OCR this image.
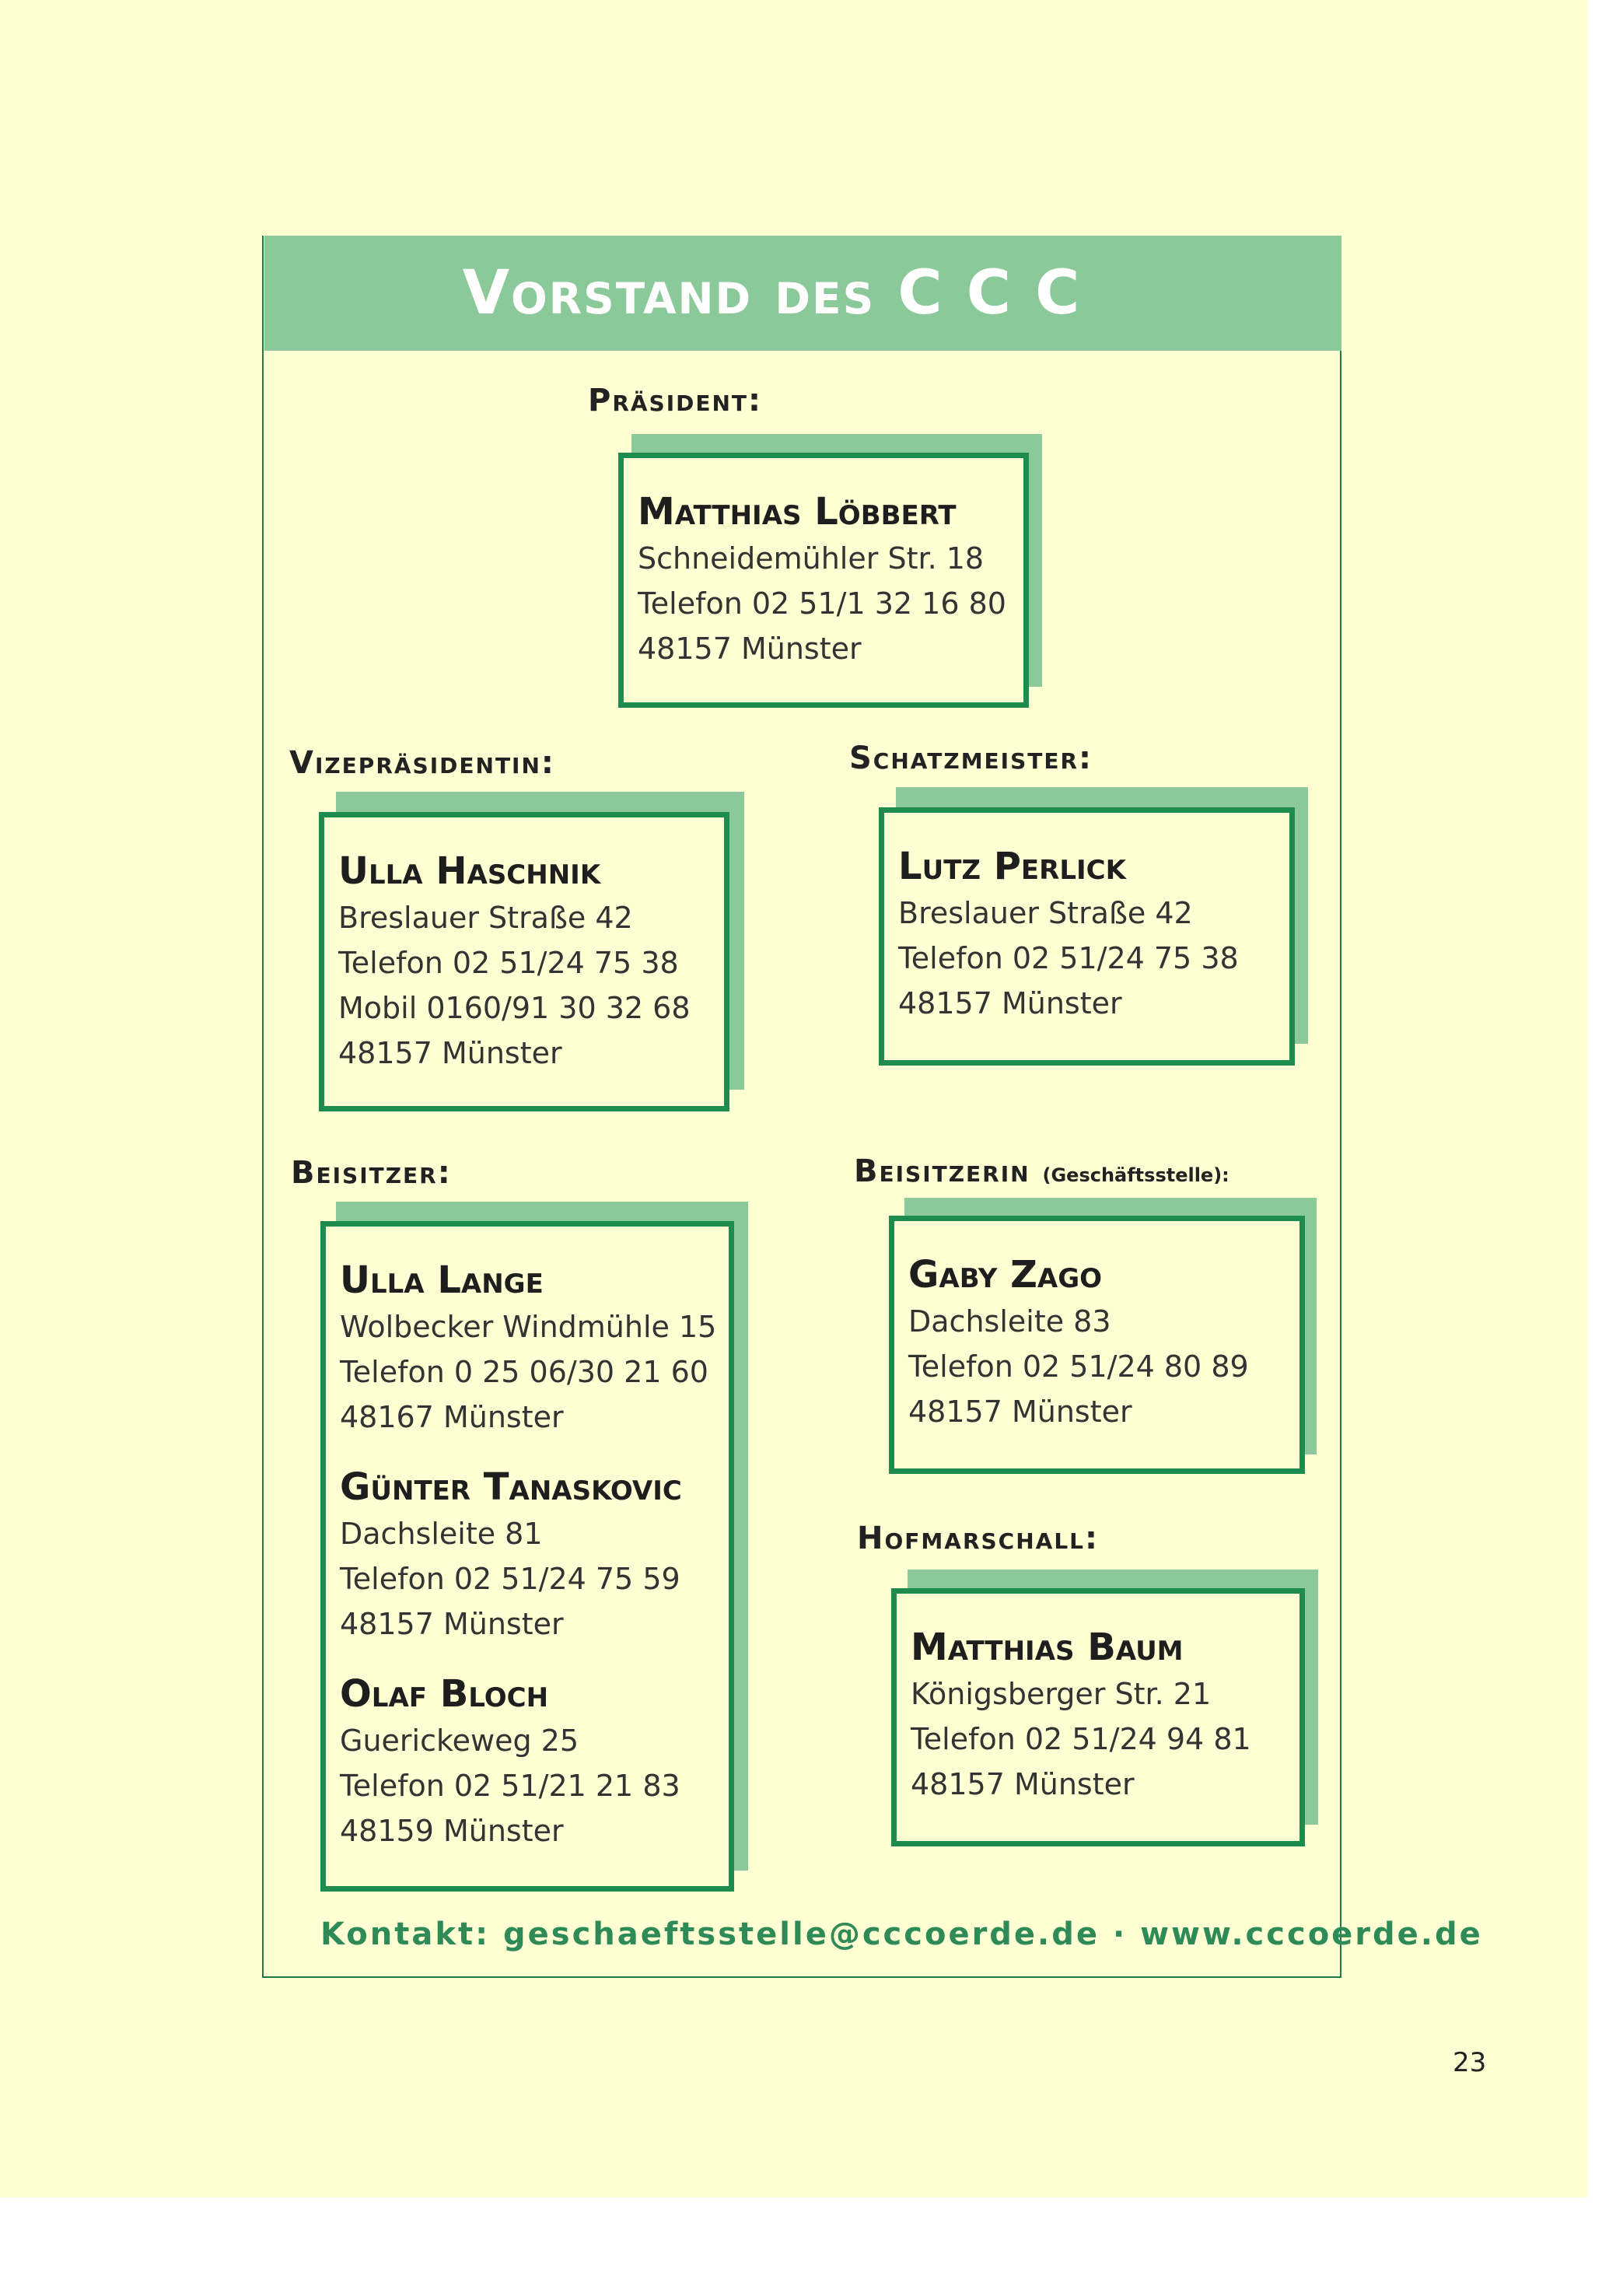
Vorstand des C C C
Präsident:
Matthias Löbbert
Schneidemühler Str. 18
Telefon 02 51/1 32 16 80
48157 Münster
Vizepräsidentin:
Ulla Haschnik
Breslauer Straße 42
Telefon 02 51/24 75 38
Mobil 0160/91 30 32 68
48157 Münster
Schatzmeister:
Lutz Perlick
Breslauer Straße 42
Telefon 02 51/24 75 38
48157 Münster
Beisitzer:
Ulla Lange
Wolbecker Windmühle 15
Telefon 0 25 06/30 21 60
48167 Münster
Günter Tanaskovic
Dachsleite 81
Telefon 02 51/24 75 59
48157 Münster
Olaf Bloch
Guerickeweg 25
Telefon 02 51/21 21 83
48159 Münster
Beisitzerin (Geschäftsstelle):
Gaby Zago
Dachsleite 83
Telefon 02 51/24 80 89
48157 Münster
Hofmarschall:
Matthias Baum
Königsberger Str. 21
Telefon 02 51/24 94 81
48157 Münster
Kontakt: geschaeftsstelle@cccoerde.de · www.cccoerde.de
23
